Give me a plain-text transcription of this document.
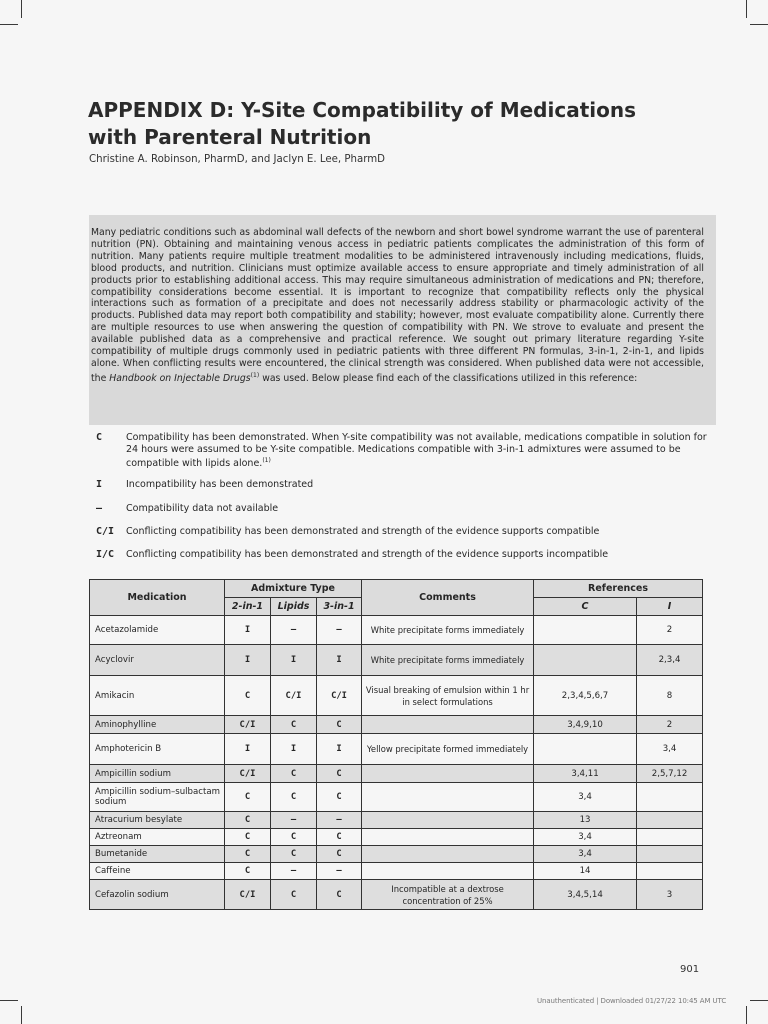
APPENDIX D: Y-Site Compatibility of Medications
with Parenteral Nutrition
Christine A. Robinson, PharmD, and Jaclyn E. Lee, PharmD

Many pediatric conditions such as abdominal wall defects of the newborn and short bowel syndrome warrant the use of parenteral nutrition (PN). Obtaining and maintaining venous access in pediatric patients complicates the administration of this form of nutrition. Many patients require multiple treatment modalities to be administered intravenously including medications, fluids, blood products, and nutrition. Clinicians must optimize available access to ensure appropriate and timely administration of all products prior to establishing additional access. This may require simultaneous administration of medications and PN; therefore, compatibility considerations become essential. It is important to recognize that compatibility reflects only the physical interactions such as formation of a precipitate and does not necessarily address stability or pharmacologic activity of the products. Published data may report both compatibility and stability; however, most evaluate compatibility alone. Currently there are multiple resources to use when answering the question of compatibility with PN. We strove to evaluate and present the available published data as a comprehensive and practical reference. We sought out primary literature regarding Y-site compatibility of multiple drugs commonly used in pediatric patients with three different PN formulas, 3-in-1, 2-in-1, and lipids alone. When conflicting results were encountered, the clinical strength was considered. When published data were not accessible, the Handbook on Injectable Drugs$^{(1)}$ was used. Below please find each of the classifications utilized in this reference:

C	Compatibility has been demonstrated. When Y-site compatibility was not available, medications compatible in solution for 24 hours were assumed to be Y-site compatible. Medications compatible with 3-in-1 admixtures were assumed to be compatible with lipids alone.$^{(1)}$
I	Incompatibility has been demonstrated
—	Compatibility data not available
C/I	Conflicting compatibility has been demonstrated and strength of the evidence supports compatible
I/C	Conflicting compatibility has been demonstrated and strength of the evidence supports incompatible
Medication	Admixture Type			Comments	References	
	2-in-1	Lipids	3-in-1		C	I
Acetazolamide	I	—	—	White precipitate forms immediately		2
Acyclovir	I	I	I	White precipitate forms immediately		2,3,4
Amikacin	C	C/I	C/I	Visual breaking of emulsion within 1 hr in select formulations	2,3,4,5,6,7	8
Aminophylline	C/I	C	C		3,4,9,10	2
Amphotericin B	I	I	I	Yellow precipitate formed immediately		3,4
Ampicillin sodium	C/I	C	C		3,4,11	2,5,7,12
Ampicillin sodium–sulbactam sodium	C	C	C		3,4	
Atracurium besylate	C	—	—		13	
Aztreonam	C	C	C		3,4	
Bumetanide	C	C	C		3,4	
Caffeine	C	—	—		14	
Cefazolin sodium	C/I	C	C	Incompatible at a dextrose concentration of 25%	3,4,5,14	3
901
Unauthenticated | Downloaded 01/27/22 10:45 AM UTC
